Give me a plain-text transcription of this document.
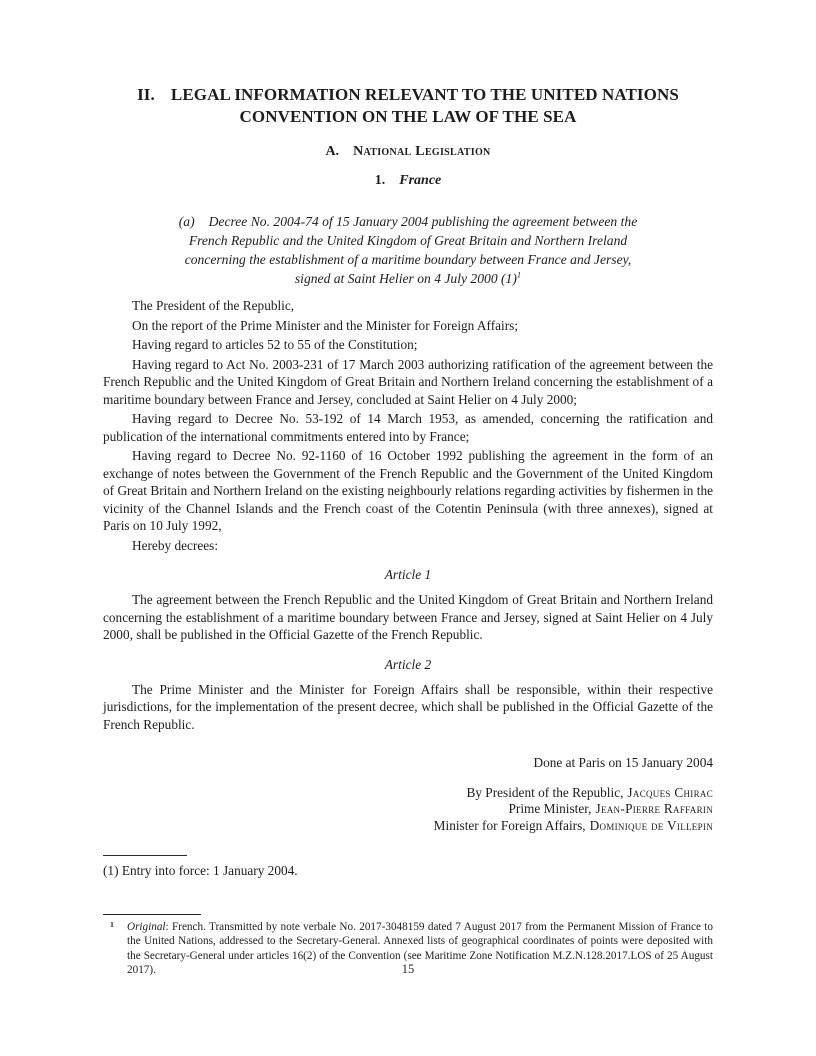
II. LEGAL INFORMATION RELEVANT TO THE UNITED NATIONS
CONVENTION ON THE LAW OF THE SEA
A. National Legislation
1. France
(a) Decree No. 2004-74 of 15 January 2004 publishing the agreement between the
French Republic and the United Kingdom of Great Britain and Northern Ireland
concerning the establishment of a maritime boundary between France and Jersey,
signed at Saint Helier on 4 July 2000 $(1)^1$

The President of the Republic,

On the report of the Prime Minister and the Minister for Foreign Affairs;

Having regard to articles 52 to 55 of the Constitution;

Having regard to Act No. 2003-231 of 17 March 2003 authorizing ratification of the agreement between the French Republic and the United Kingdom of Great Britain and Northern Ireland concerning the establishment of a maritime boundary between France and Jersey, concluded at Saint Helier on 4 July 2000;

Having regard to Decree No. 53-192 of 14 March 1953, as amended, concerning the ratification and publication of the international commitments entered into by France;

Having regard to Decree No. 92-1160 of 16 October 1992 publishing the agreement in the form of an exchange of notes between the Government of the French Republic and the Government of the United Kingdom of Great Britain and Northern Ireland on the existing neighbourly relations regarding activities by fishermen in the vicinity of the Channel Islands and the French coast of the Cotentin Peninsula (with three annexes), signed at Paris on 10 July 1992,

Hereby decrees:

Article 1

The agreement between the French Republic and the United Kingdom of Great Britain and Northern Ireland concerning the establishment of a maritime boundary between France and Jersey, signed at Saint Helier on 4 July 2000, shall be published in the Official Gazette of the French Republic.

Article 2

The Prime Minister and the Minister for Foreign Affairs shall be responsible, within their respective jurisdictions, for the implementation of the present decree, which shall be published in the Official Gazette of the French Republic.

Done at Paris on 15 January 2004
By President of the Republic, Jacques Chirac
Prime Minister, Jean-Pierre Raffarin
Minister for Foreign Affairs, Dominique de Villepin

(1) Entry into force: 1 January 2004.

1 Original: French. Transmitted by note verbale No. 2017-3048159 dated 7 August 2017 from the Permanent Mission of France to the United Nations, addressed to the Secretary-General. Annexed lists of geographical coordinates of points were deposited with the Secretary-General under articles 16(2) of the Convention (see Maritime Zone Notification M.Z.N.128.2017.LOS of 25 August 2017).	15
